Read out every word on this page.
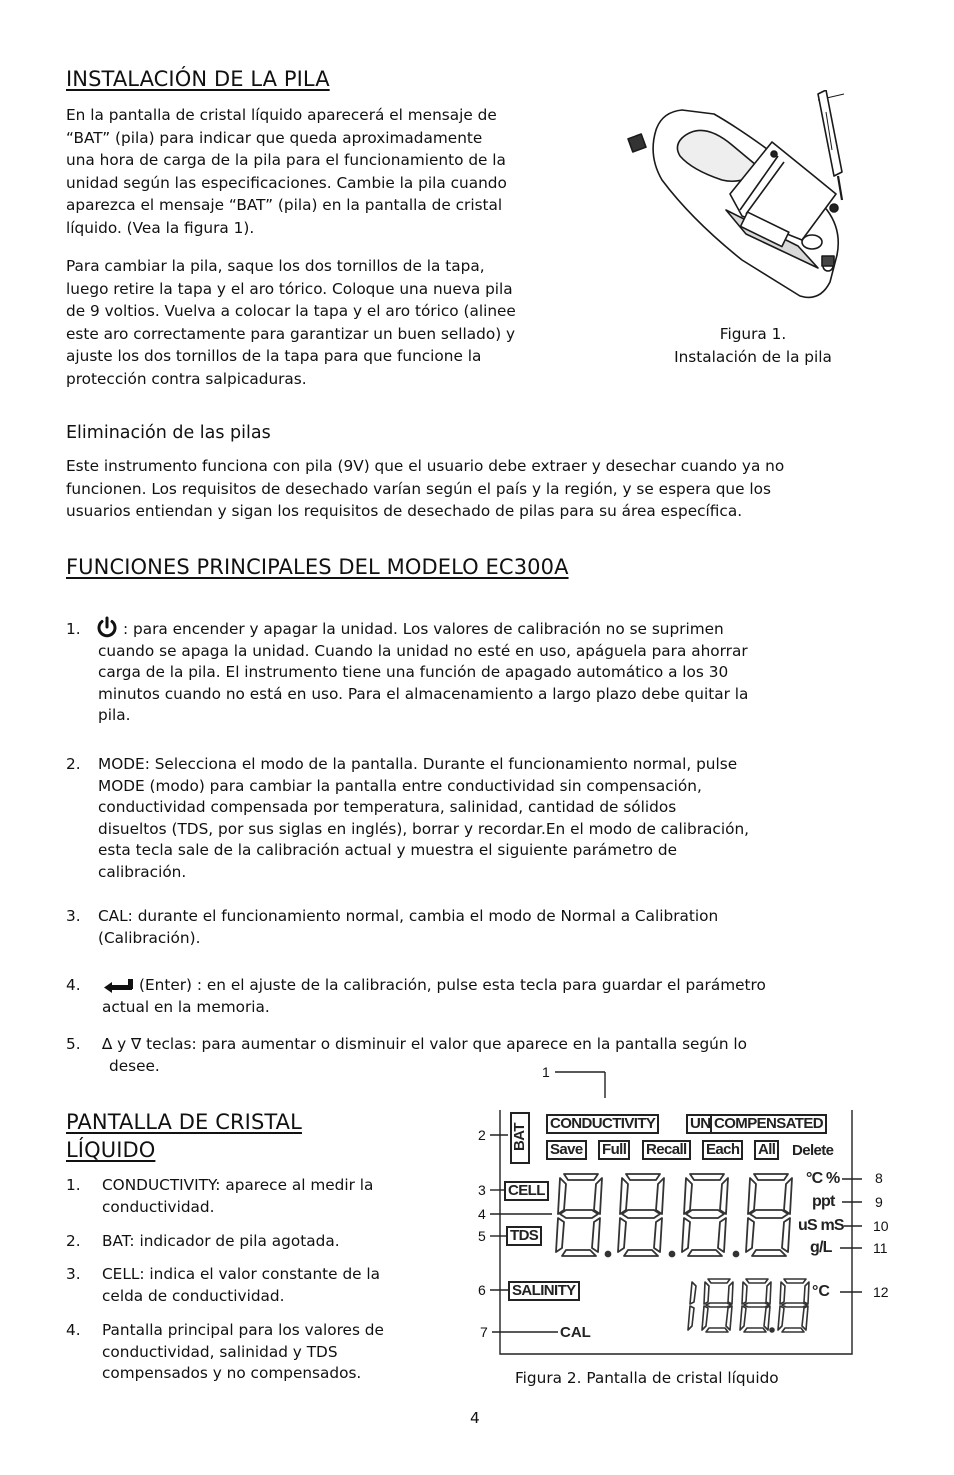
INSTALACIÓN DE LA PILA
En la pantalla de cristal líquido aparecerá el mensaje de
“BAT” (pila) para indicar que queda aproximadamente
una hora de carga de la pila para el funcionamiento de la
unidad según las especificaciones. Cambie la pila cuando
aparezca el mensaje “BAT” (pila) en la pantalla de cristal
líquido. (Vea la figura 1).
Para cambiar la pila, saque los dos tornillos de la tapa,
luego retire la tapa y el aro tórico. Coloque una nueva pila
de 9 voltios. Vuelva a colocar la tapa y el aro tórico (alinee
este aro correctamente para garantizar un buen sellado) y
ajuste los dos tornillos de la tapa para que funcione la
protección contra salpicaduras.
Figura 1.
Instalación de la pila
Eliminación de las pilas
Este instrumento funciona con pila (9V) que el usuario debe extraer y desechar cuando ya no
funcionen. Los requisitos de desechado varían según el país y la región, y se espera que los
usuarios entiendan y sigan los requisitos de desechado de pilas para su área específica.
FUNCIONES PRINCIPALES DEL MODELO EC300A
1.	: para encender y apagar la unidad. Los valores de calibración no se suprimen
cuando se apaga la unidad. Cuando la unidad no esté en uso, apáguela para ahorrar
carga de la pila. El instrumento tiene una función de apagado automático a los 30
minutos cuando no está en uso. Para el almacenamiento a largo plazo debe quitar la
pila.
2. MODE: Selecciona el modo de la pantalla. Durante el funcionamiento normal, pulse
MODE (modo) para cambiar la pantalla entre conductividad sin compensación,
conductividad compensada por temperatura, salinidad, cantidad de sólidos
disueltos (TDS, por sus siglas en inglés), borrar y recordar.En el modo de calibración,
esta tecla sale de la calibración actual y muestra el siguiente parámetro de
calibración.
3. CAL: durante el funcionamiento normal, cambia el modo de Normal a Calibration
(Calibración).
4.	(Enter) : en el ajuste de la calibración, pulse esta tecla para guardar el parámetro
actual en la memoria.
5. ∆ y ∇ teclas: para aumentar o disminuir el valor que aparece en la pantalla según lo
desee.
PANTALLA DE CRISTAL
LÍQUIDO
1. CONDUCTIVITY: aparece al medir la
conductividad.
2. BAT: indicador de pila agotada.
3. CELL: indica el valor constante de la
celda de conductividad.
4. Pantalla principal para los valores de
conductividad, salinidad y TDS
compensados y no compensados.
1
2
3
4
5
6
7
8
9
10
11
12
BAT CONDUCTIVITY UN COMPENSATED
Save Full Recall Each All Delete
CELL
TDS
SALINITY
CAL
°C %
ppt
uS mS
g/L
°C
Figura 2. Pantalla de cristal líquido
4
